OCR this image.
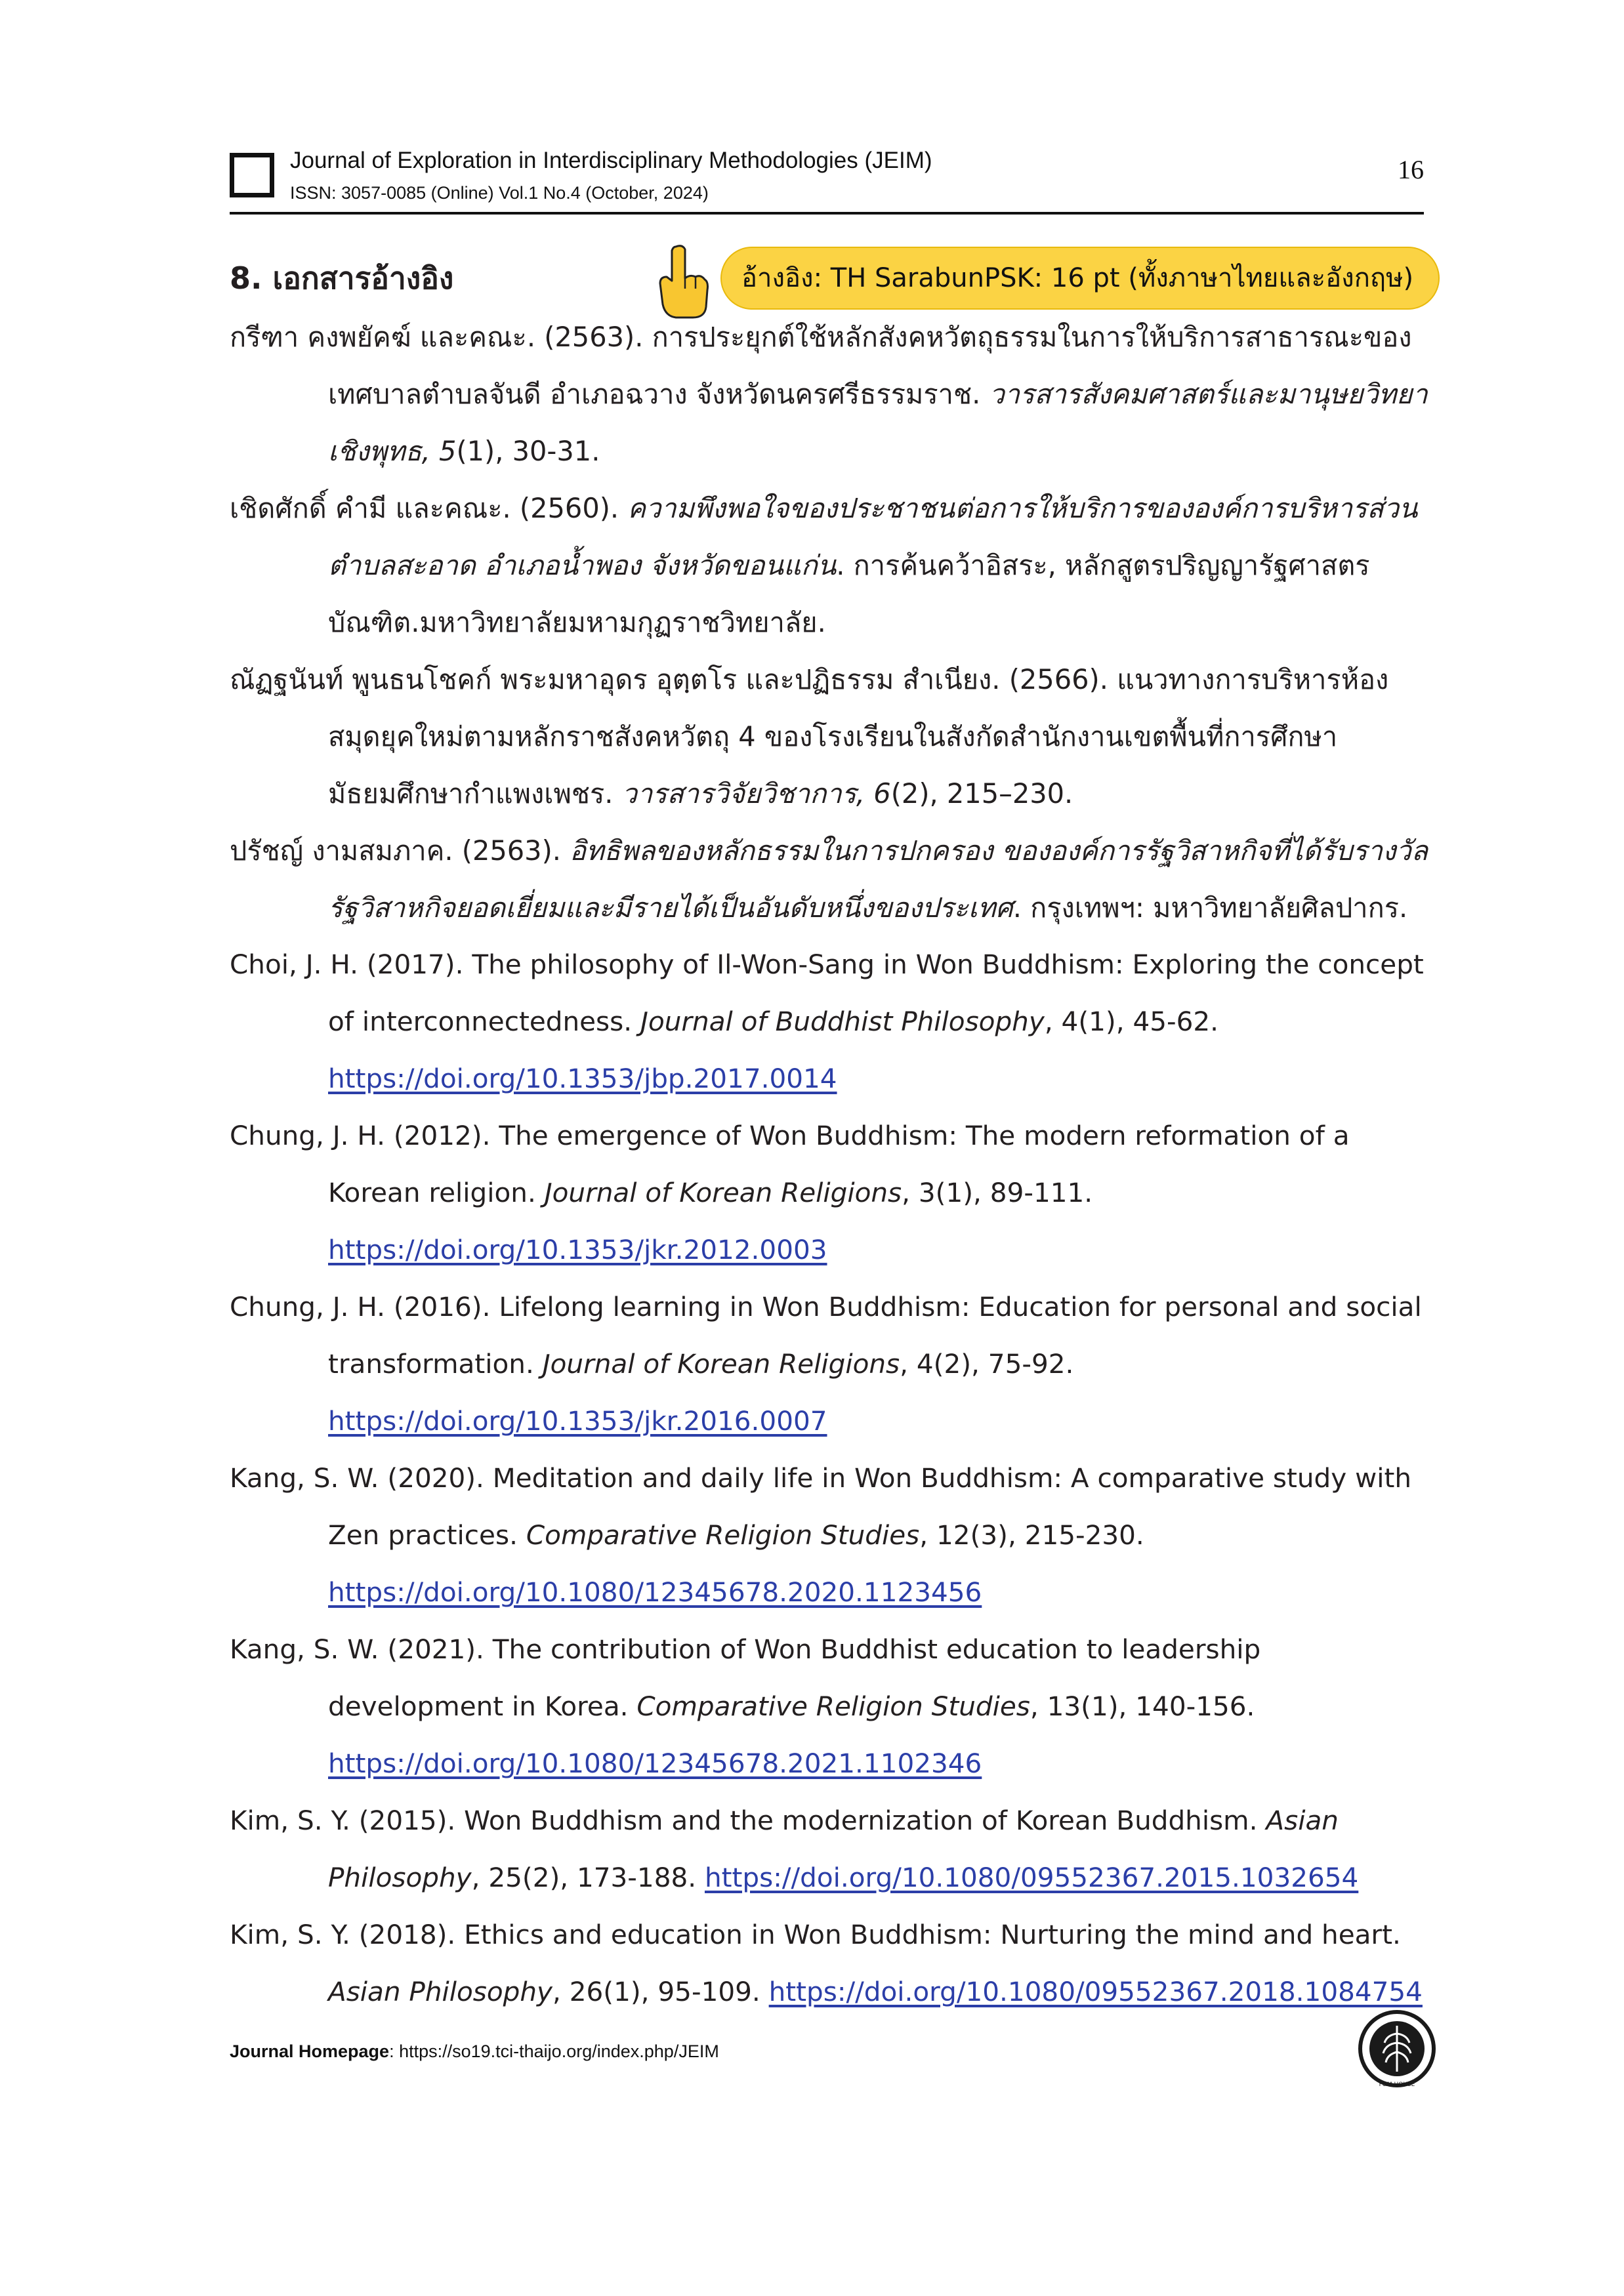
Journal of Exploration in Interdisciplinary Methodologies (JEIM)
ISSN: 3057-0085 (Online) Vol.1 No.4 (October, 2024)
16
8. เอกสารอ้างอิง	อ้างอิง: TH SarabunPSK: 16 pt (ทั้งภาษาไทยและอังกฤษ)

กรีฑา คงพยัคฆ์ และคณะ. (2563). การประยุกต์ใช้หลักสังคหวัตถุธรรมในการให้บริการสาธารณะของเทศบาลตำบลจันดี อำเภอฉวาง จังหวัดนครศรีธรรมราช. วารสารสังคมศาสตร์และมานุษยวิทยาเชิงพุทธ, 5(1), 30-31.

เชิดศักดิ์ คำมี และคณะ. (2560). ความพึงพอใจของประชาชนต่อการให้บริการขององค์การบริหารส่วนตำบลสะอาด อำเภอน้ำพอง จังหวัดขอนแก่น. การค้นคว้าอิสระ, หลักสูตรปริญญารัฐศาสตรบัณฑิต.มหาวิทยาลัยมหามกุฏราชวิทยาลัย.

ณัฏฐนันท์ พูนธนโชคก์ พระมหาอุดร อุตฺตโร และปฏิธรรม สำเนียง. (2566). แนวทางการบริหารห้องสมุดยุคใหม่ตามหลักราชสังคหวัตถุ 4 ของโรงเรียนในสังกัดสำนักงานเขตพื้นที่การศึกษามัธยมศึกษากำแพงเพชร. วารสารวิจัยวิชาการ, 6(2), 215–230.

ปรัชญ์ งามสมภาค. (2563). อิทธิพลของหลักธรรมในการปกครอง ขององค์การรัฐวิสาหกิจที่ได้รับรางวัลรัฐวิสาหกิจยอดเยี่ยมและมีรายได้เป็นอันดับหนึ่งของประเทศ. กรุงเทพฯ: มหาวิทยาลัยศิลปากร.

Choi, J. H. (2017). The philosophy of Il-Won-Sang in Won Buddhism: Exploring the concept of interconnectedness. Journal of Buddhist Philosophy, 4(1), 45-62.
https://doi.org/10.1353/jbp.2017.0014

Chung, J. H. (2012). The emergence of Won Buddhism: The modern reformation of a Korean religion. Journal of Korean Religions, 3(1), 89-111.
https://doi.org/10.1353/jkr.2012.0003

Chung, J. H. (2016). Lifelong learning in Won Buddhism: Education for personal and social transformation. Journal of Korean Religions, 4(2), 75-92.
https://doi.org/10.1353/jkr.2016.0007

Kang, S. W. (2020). Meditation and daily life in Won Buddhism: A comparative study with Zen practices. Comparative Religion Studies, 12(3), 215-230.
https://doi.org/10.1080/12345678.2020.1123456

Kang, S. W. (2021). The contribution of Won Buddhist education to leadership development in Korea. Comparative Religion Studies, 13(1), 140-156.
https://doi.org/10.1080/12345678.2021.1102346

Kim, S. Y. (2015). Won Buddhism and the modernization of Korean Buddhism. Asian Philosophy, 25(2), 173-188. https://doi.org/10.1080/09552367.2015.1032654

Kim, S. Y. (2018). Ethics and education in Won Buddhism: Nurturing the mind and heart. Asian Philosophy, 26(1), 95-109. https://doi.org/10.1080/09552367.2018.1084754

Journal Homepage: https://so19.tci-thaijo.org/index.php/JEIM
F&M HOUSE
